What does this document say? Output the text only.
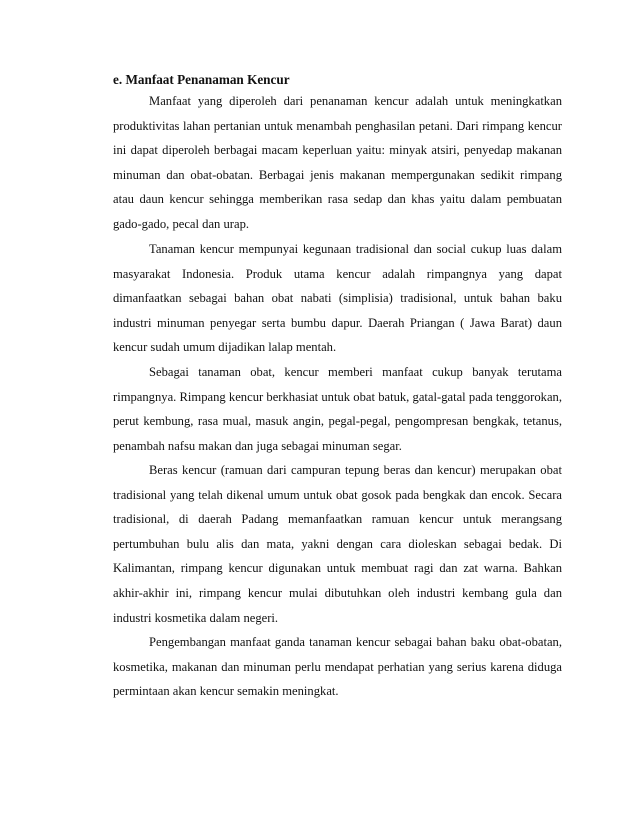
e. Manfaat Penanaman Kencur

Manfaat yang diperoleh dari penanaman kencur adalah untuk meningkatkan produktivitas lahan pertanian untuk menambah penghasilan petani. Dari rimpang kencur ini dapat diperoleh berbagai macam keperluan yaitu: minyak atsiri, penyedap makanan minuman dan obat-obatan. Berbagai jenis makanan mempergunakan sedikit rimpang atau daun kencur sehingga memberikan rasa sedap dan khas yaitu dalam pembuatan gado-gado, pecal dan urap.

Tanaman kencur mempunyai kegunaan tradisional dan social cukup luas dalam masyarakat Indonesia. Produk utama kencur adalah rimpangnya yang dapat dimanfaatkan sebagai bahan obat nabati (simplisia) tradisional, untuk bahan baku industri minuman penyegar serta bumbu dapur. Daerah Priangan ( Jawa Barat) daun kencur sudah umum dijadikan lalap mentah.

Sebagai tanaman obat, kencur memberi manfaat cukup banyak terutama rimpangnya. Rimpang kencur berkhasiat untuk obat batuk, gatal-gatal pada tenggorokan, perut kembung, rasa mual, masuk angin, pegal-pegal, pengompresan bengkak, tetanus, penambah nafsu makan dan juga sebagai minuman segar.

Beras kencur (ramuan dari campuran tepung beras dan kencur) merupakan obat tradisional yang telah dikenal umum untuk obat gosok pada bengkak dan encok. Secara tradisional, di daerah Padang memanfaatkan ramuan kencur untuk merangsang pertumbuhan bulu alis dan mata, yakni dengan cara dioleskan sebagai bedak. Di Kalimantan, rimpang kencur digunakan untuk membuat ragi dan zat warna. Bahkan akhir-akhir ini, rimpang kencur mulai dibutuhkan oleh industri kembang gula dan industri kosmetika dalam negeri.

Pengembangan manfaat ganda tanaman kencur sebagai bahan baku obat-obatan, kosmetika, makanan dan minuman perlu mendapat perhatian yang serius karena diduga permintaan akan kencur semakin meningkat.
